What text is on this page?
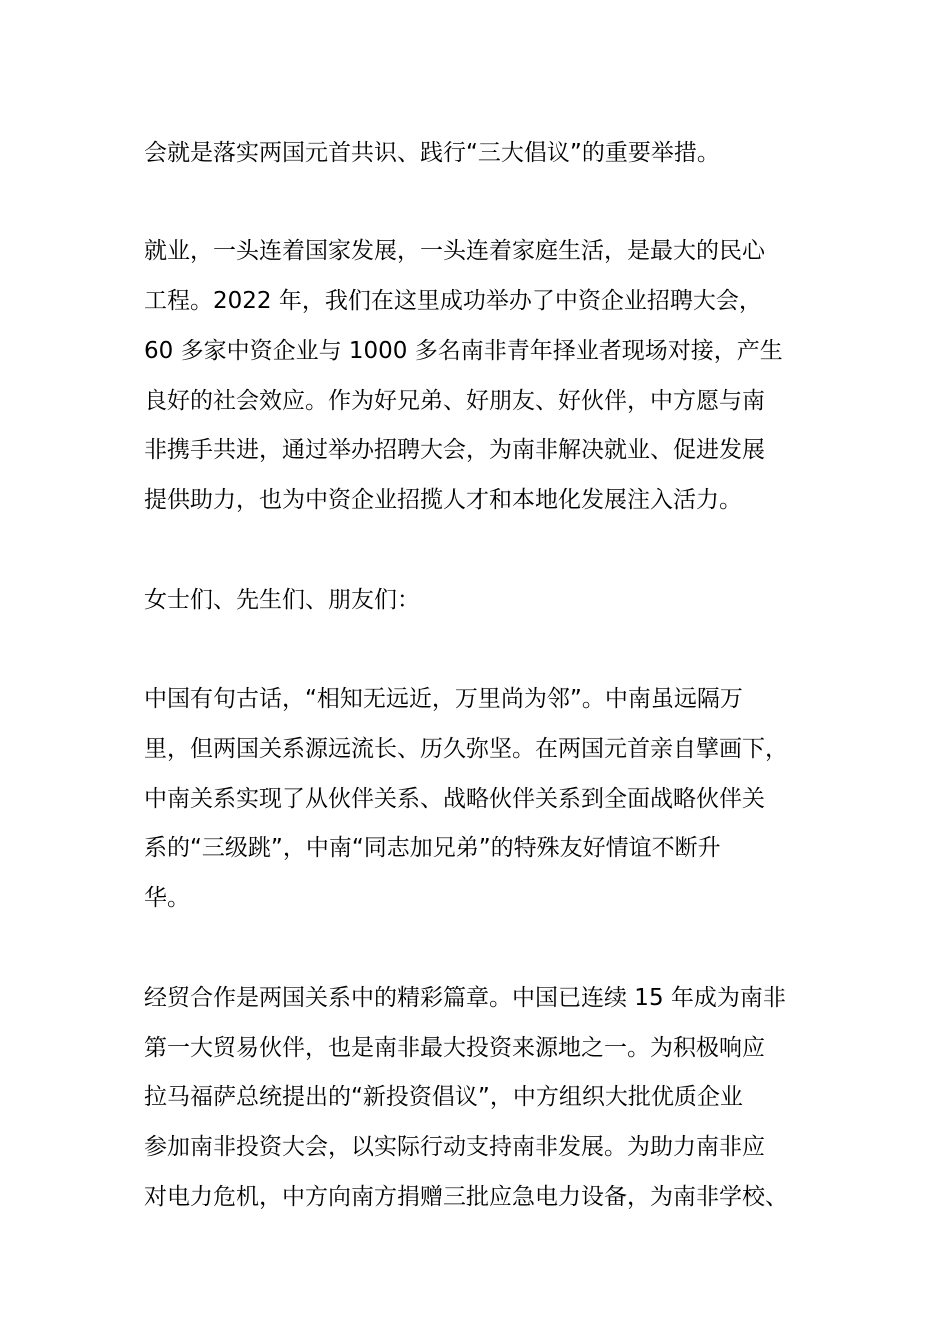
会就是落实两国元首共识、践行“三大倡议”的重要举措。

就业，一头连着国家发展，一头连着家庭生活，是最大的民心

工程。2022 年，我们在这里成功举办了中资企业招聘大会，

60 多家中资企业与 1000 多名南非青年择业者现场对接，产生

良好的社会效应。作为好兄弟、好朋友、好伙伴，中方愿与南

非携手共进，通过举办招聘大会，为南非解决就业、促进发展

提供助力，也为中资企业招揽人才和本地化发展注入活力。

女士们、先生们、朋友们：

中国有句古话，“相知无远近，万里尚为邻”。中南虽远隔万

里，但两国关系源远流长、历久弥坚。在两国元首亲自擘画下，

中南关系实现了从伙伴关系、战略伙伴关系到全面战略伙伴关

系的“三级跳”，中南“同志加兄弟”的特殊友好情谊不断升

华。

经贸合作是两国关系中的精彩篇章。中国已连续 15 年成为南非

第一大贸易伙伴，也是南非最大投资来源地之一。为积极响应

拉马福萨总统提出的“新投资倡议”，中方组织大批优质企业

参加南非投资大会，以实际行动支持南非发展。为助力南非应

对电力危机，中方向南方捐赠三批应急电力设备，为南非学校、
